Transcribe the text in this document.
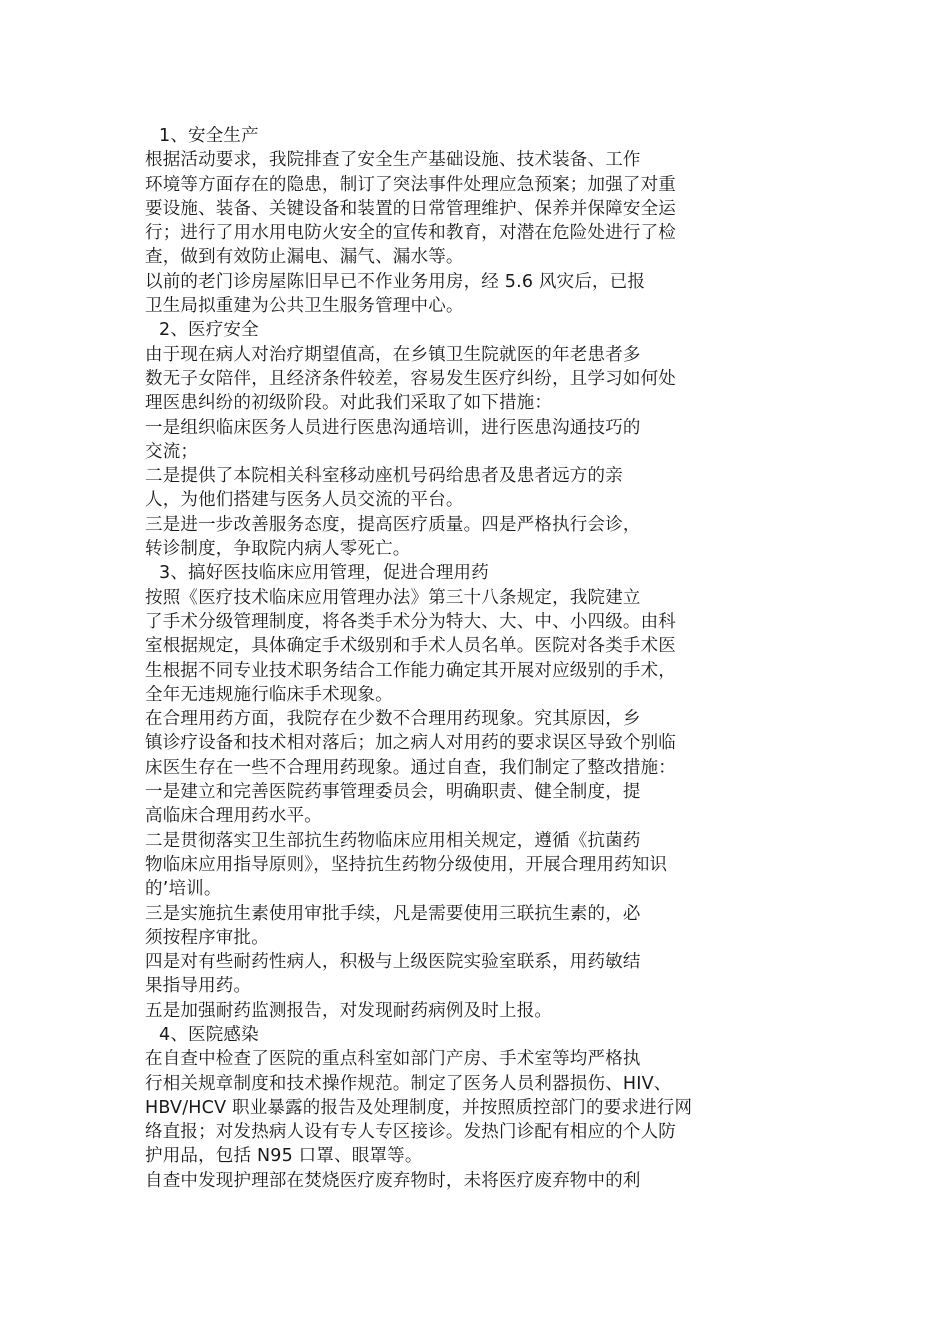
1、安全生产
根据活动要求，我院排查了安全生产基础设施、技术装备、工作
环境等方面存在的隐患，制订了突法事件处理应急预案；加强了对重
要设施、装备、关键设备和装置的日常管理维护、保养并保障安全运
行；进行了用水用电防火安全的宣传和教育，对潜在危险处进行了检
查，做到有效防止漏电、漏气、漏水等。
以前的老门诊房屋陈旧早已不作业务用房，经 5.6 风灾后，已报
卫生局拟重建为公共卫生服务管理中心。
2、医疗安全
由于现在病人对治疗期望值高，在乡镇卫生院就医的年老患者多
数无子女陪伴，且经济条件较差，容易发生医疗纠纷，且学习如何处
理医患纠纷的初级阶段。对此我们采取了如下措施：
一是组织临床医务人员进行医患沟通培训，进行医患沟通技巧的
交流；
二是提供了本院相关科室移动座机号码给患者及患者远方的亲
人，为他们搭建与医务人员交流的平台。
三是进一步改善服务态度，提高医疗质量。四是严格执行会诊，
转诊制度，争取院内病人零死亡。
3、搞好医技临床应用管理，促进合理用药
按照《医疗技术临床应用管理办法》第三十八条规定，我院建立
了手术分级管理制度，将各类手术分为特大、大、中、小四级。由科
室根据规定，具体确定手术级别和手术人员名单。医院对各类手术医
生根据不同专业技术职务结合工作能力确定其开展对应级别的手术，
全年无违规施行临床手术现象。
在合理用药方面，我院存在少数不合理用药现象。究其原因，乡
镇诊疗设备和技术相对落后；加之病人对用药的要求误区导致个别临
床医生存在一些不合理用药现象。通过自查，我们制定了整改措施：
一是建立和完善医院药事管理委员会，明确职责、健全制度，提
高临床合理用药水平。
二是贯彻落实卫生部抗生药物临床应用相关规定，遵循《抗菌药
物临床应用指导原则》，坚持抗生药物分级使用，开展合理用药知识
的’培训。
三是实施抗生素使用审批手续，凡是需要使用三联抗生素的，必
须按程序审批。
四是对有些耐药性病人，积极与上级医院实验室联系，用药敏结
果指导用药。
五是加强耐药监测报告，对发现耐药病例及时上报。
4、医院感染
在自查中检查了医院的重点科室如部门产房、手术室等均严格执
行相关规章制度和技术操作规范。制定了医务人员利器损伤、HIV、
HBV/HCV 职业暴露的报告及处理制度，并按照质控部门的要求进行网
络直报；对发热病人设有专人专区接诊。发热门诊配有相应的个人防
护用品，包括 N95 口罩、眼罩等。
自查中发现护理部在焚烧医疗废弃物时，未将医疗废弃物中的利
